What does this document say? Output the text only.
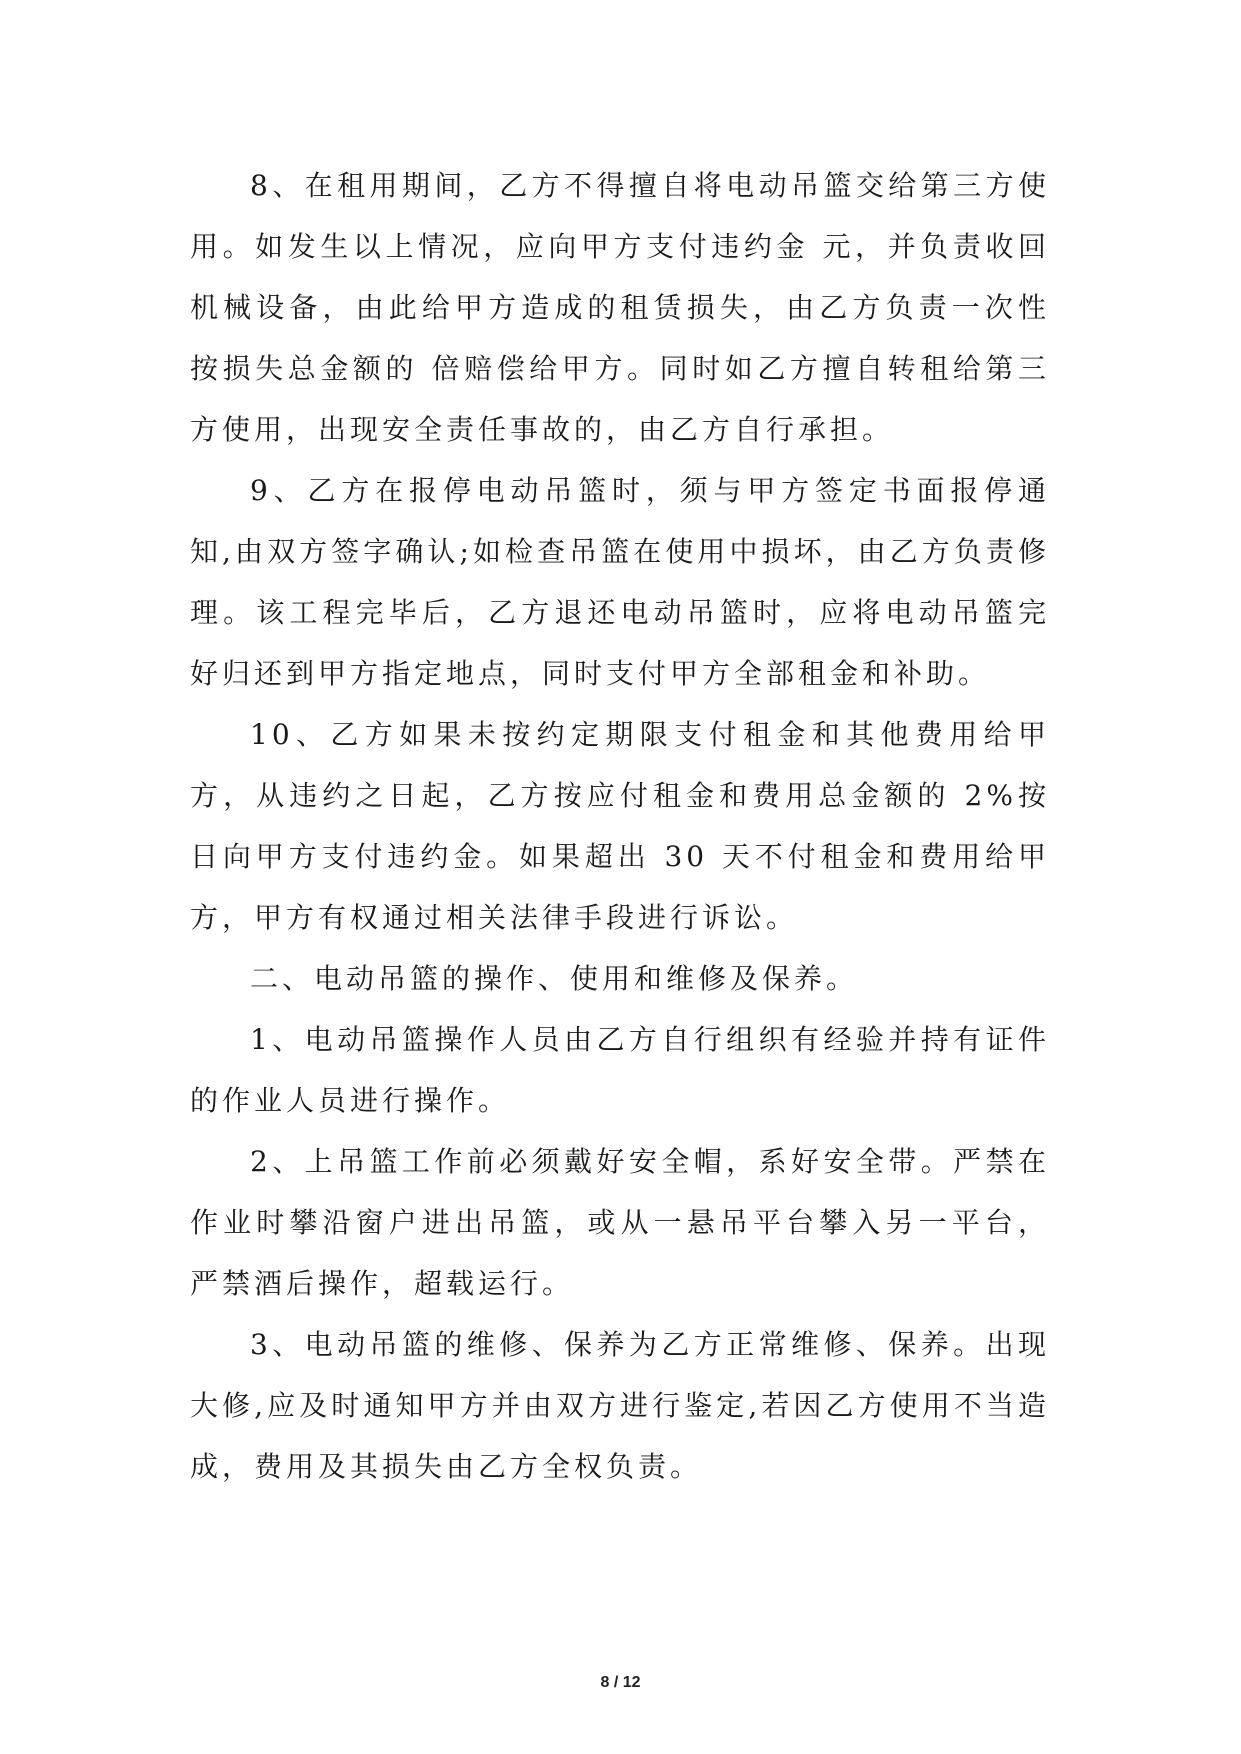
8、在租用期间，乙方不得擅自将电动吊篮交给第三方使用。如发生以上情况，应向甲方支付违约金 元，并负责收回机械设备，由此给甲方造成的租赁损失，由乙方负责一次性按损失总金额的 倍赔偿给甲方。同时如乙方擅自转租给第三方使用，出现安全责任事故的，由乙方自行承担。

9、乙方在报停电动吊篮时，须与甲方签定书面报停通知,由双方签字确认;如检查吊篮在使用中损坏，由乙方负责修理。该工程完毕后，乙方退还电动吊篮时，应将电动吊篮完好归还到甲方指定地点，同时支付甲方全部租金和补助。

10、乙方如果未按约定期限支付租金和其他费用给甲方，从违约之日起，乙方按应付租金和费用总金额的 2%按日向甲方支付违约金。如果超出 30 天不付租金和费用给甲方，甲方有权通过相关法律手段进行诉讼。

二、电动吊篮的操作、使用和维修及保养。

1、电动吊篮操作人员由乙方自行组织有经验并持有证件的作业人员进行操作。

2、上吊篮工作前必须戴好安全帽，系好安全带。严禁在作业时攀沿窗户进出吊篮，或从一悬吊平台攀入另一平台，严禁酒后操作，超载运行。

3、电动吊篮的维修、保养为乙方正常维修、保养。出现大修,应及时通知甲方并由双方进行鉴定,若因乙方使用不当造成，费用及其损失由乙方全权负责。

8 / 12
